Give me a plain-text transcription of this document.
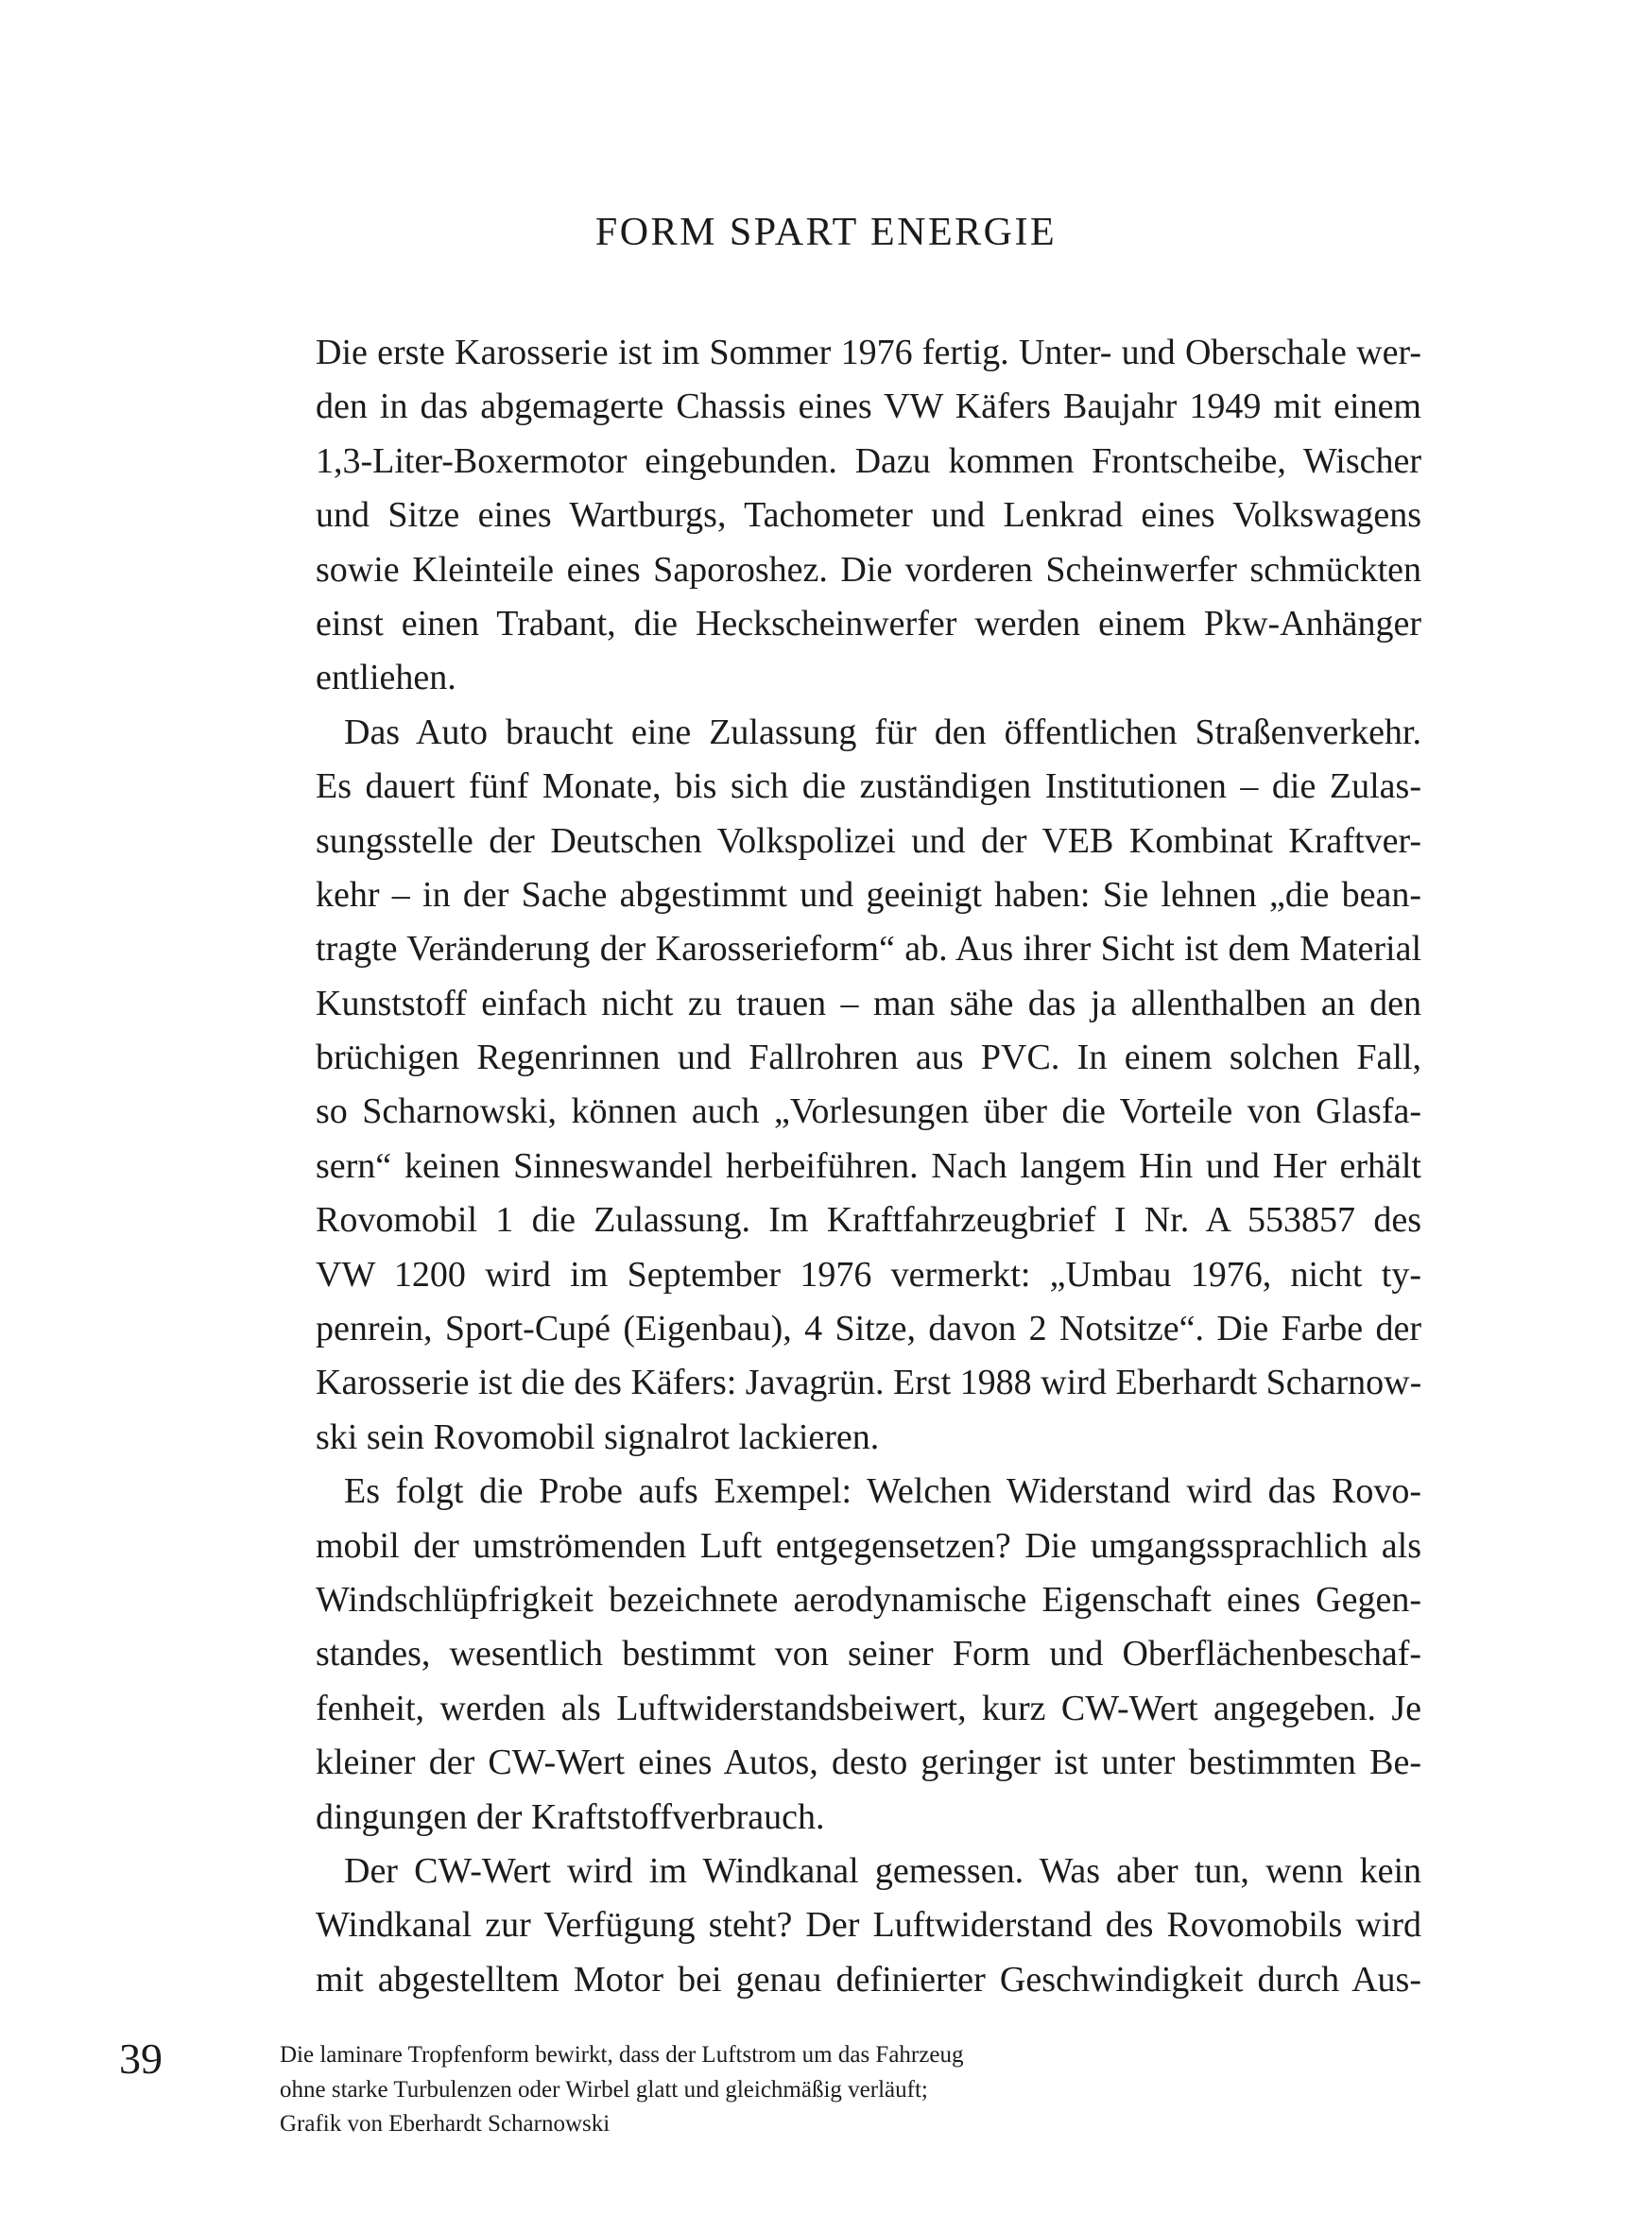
FORM SPART ENERGIE
Die erste Karosserie ist im Sommer 1976 fertig. Unter- und Oberschale wer-
den in das abgemagerte Chassis eines VW Käfers Baujahr 1949 mit einem
1,3-Liter-Boxermotor eingebunden. Dazu kommen Frontscheibe, Wischer
und Sitze eines Wartburgs, Tachometer und Lenkrad eines Volkswagens
sowie Kleinteile eines Saporoshez. Die vorderen Scheinwerfer schmückten
einst einen Trabant, die Heckscheinwerfer werden einem Pkw-Anhänger
entliehen.
Das Auto braucht eine Zulassung für den öffentlichen Straßenverkehr.
Es dauert fünf Monate, bis sich die zuständigen Institutionen – die Zulas-
sungsstelle der Deutschen Volkspolizei und der VEB Kombinat Kraftver-
kehr – in der Sache abgestimmt und geeinigt haben: Sie lehnen „die bean-
tragte Veränderung der Karosserieform“ ab. Aus ihrer Sicht ist dem Material
Kunststoff einfach nicht zu trauen – man sähe das ja allenthalben an den
brüchigen Regenrinnen und Fallrohren aus PVC. In einem solchen Fall,
so Scharnowski, können auch „Vorlesungen über die Vorteile von Glasfa-
sern“ keinen Sinneswandel herbeiführen. Nach langem Hin und Her erhält
Rovomobil 1 die Zulassung. Im Kraftfahrzeugbrief I Nr. A 553857 des
VW 1200 wird im September 1976 vermerkt: „Umbau 1976, nicht ty-
penrein, Sport-Cupé (Eigenbau), 4 Sitze, davon 2 Notsitze“. Die Farbe der
Karosserie ist die des Käfers: Javagrün. Erst 1988 wird Eberhardt Scharnow-
ski sein Rovomobil signalrot lackieren.
Es folgt die Probe aufs Exempel: Welchen Widerstand wird das Rovo-
mobil der umströmenden Luft entgegensetzen? Die umgangssprachlich als
Windschlüpfrigkeit bezeichnete aerodynamische Eigenschaft eines Gegen-
standes, wesentlich bestimmt von seiner Form und Oberflächenbeschaf-
fenheit, werden als Luftwiderstandsbeiwert, kurz CW-Wert angegeben. Je
kleiner der CW-Wert eines Autos, desto geringer ist unter bestimmten Be-
dingungen der Kraftstoffverbrauch.
Der CW-Wert wird im Windkanal gemessen. Was aber tun, wenn kein
Windkanal zur Verfügung steht? Der Luftwiderstand des Rovomobils wird
mit abgestelltem Motor bei genau definierter Geschwindigkeit durch Aus-
39	Die laminare Tropfenform bewirkt, dass der Luftstrom um das Fahrzeug
ohne starke Turbulenzen oder Wirbel glatt und gleichmäßig verläuft;
Grafik von Eberhardt Scharnowski
